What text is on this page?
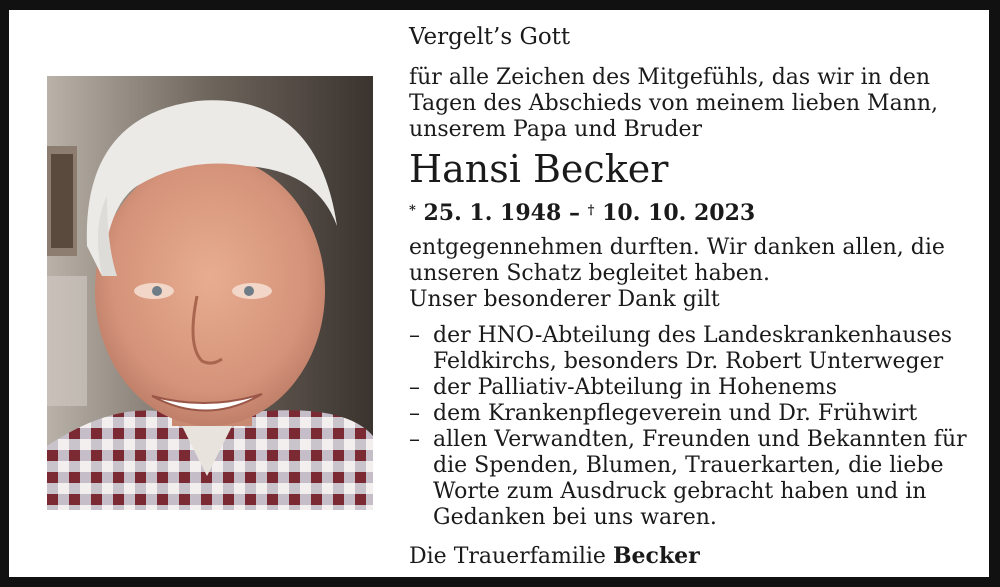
Vergelt’s Gott
für alle Zeichen des Mitgefühls, das wir in den
Tagen des Abschieds von meinem lieben Mann,
unserem Papa und Bruder
Hansi Becker
* 25. 1. 1948 – † 10. 10. 2023
entgegennehmen durften. Wir danken allen, die
unseren Schatz begleitet haben.
Unser besonderer Dank gilt
– der HNO-Abteilung des Landeskrankenhauses
Feldkirchs, besonders Dr. Robert Unterweger
– der Palliativ-Abteilung in Hohenems
– dem Krankenpflegeverein und Dr. Frühwirt
– allen Verwandten, Freunden und Bekannten für
die Spenden, Blumen, Trauerkarten, die liebe
Worte zum Ausdruck gebracht haben und in
Gedanken bei uns waren.
Die Trauerfamilie Becker
